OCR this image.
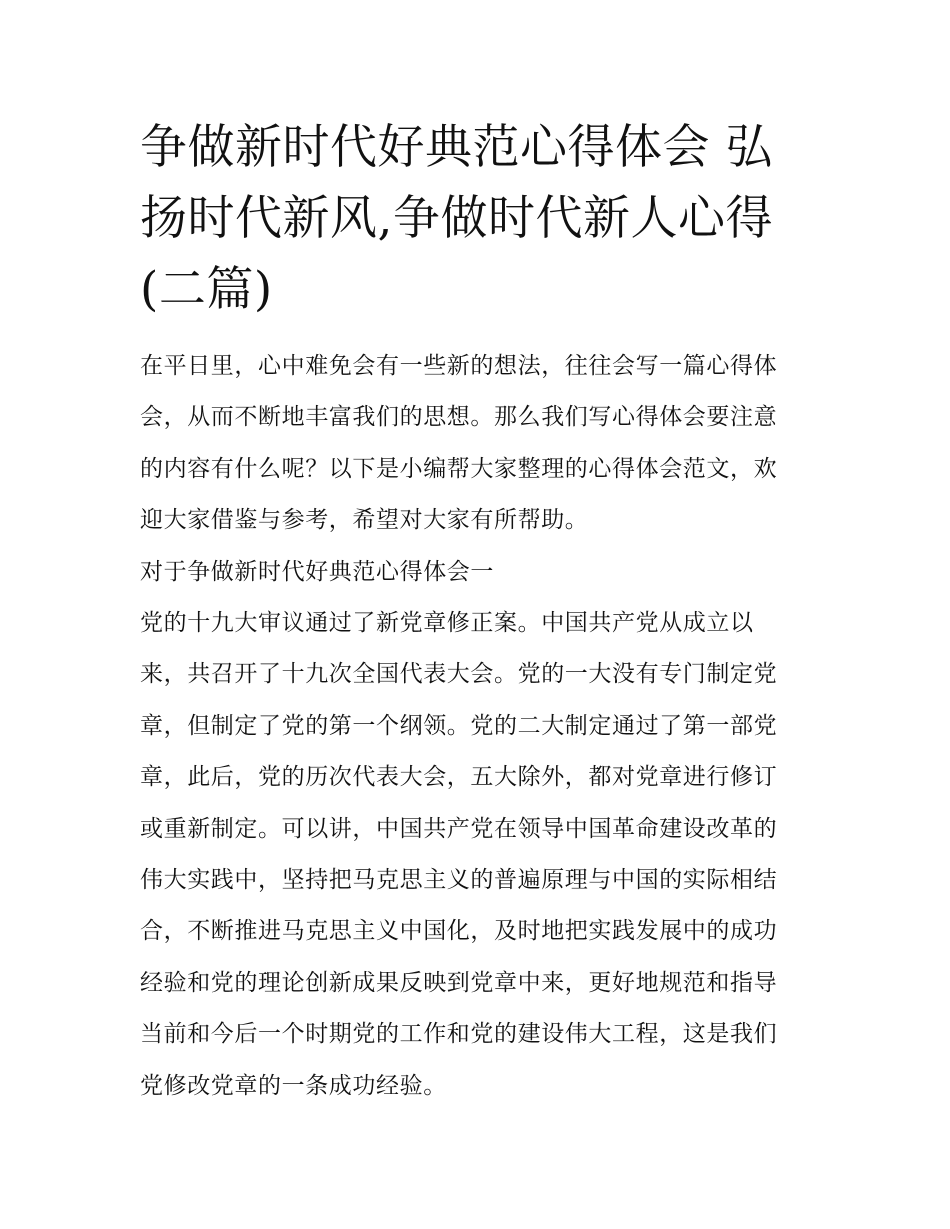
争做新时代好典范心得体会 弘
扬时代新风,争做时代新人心得
(二篇)
在平日里，心中难免会有一些新的想法，往往会写一篇心得体
会，从而不断地丰富我们的思想。那么我们写心得体会要注意
的内容有什么呢？以下是小编帮大家整理的心得体会范文，欢
迎大家借鉴与参考，希望对大家有所帮助。
对于争做新时代好典范心得体会一
党的十九大审议通过了新党章修正案。中国共产党从成立以
来，共召开了十九次全国代表大会。党的一大没有专门制定党
章，但制定了党的第一个纲领。党的二大制定通过了第一部党
章，此后，党的历次代表大会，五大除外，都对党章进行修订
或重新制定。可以讲，中国共产党在领导中国革命建设改革的
伟大实践中，坚持把马克思主义的普遍原理与中国的实际相结
合，不断推进马克思主义中国化，及时地把实践发展中的成功
经验和党的理论创新成果反映到党章中来，更好地规范和指导
当前和今后一个时期党的工作和党的建设伟大工程，这是我们
党修改党章的一条成功经验。
